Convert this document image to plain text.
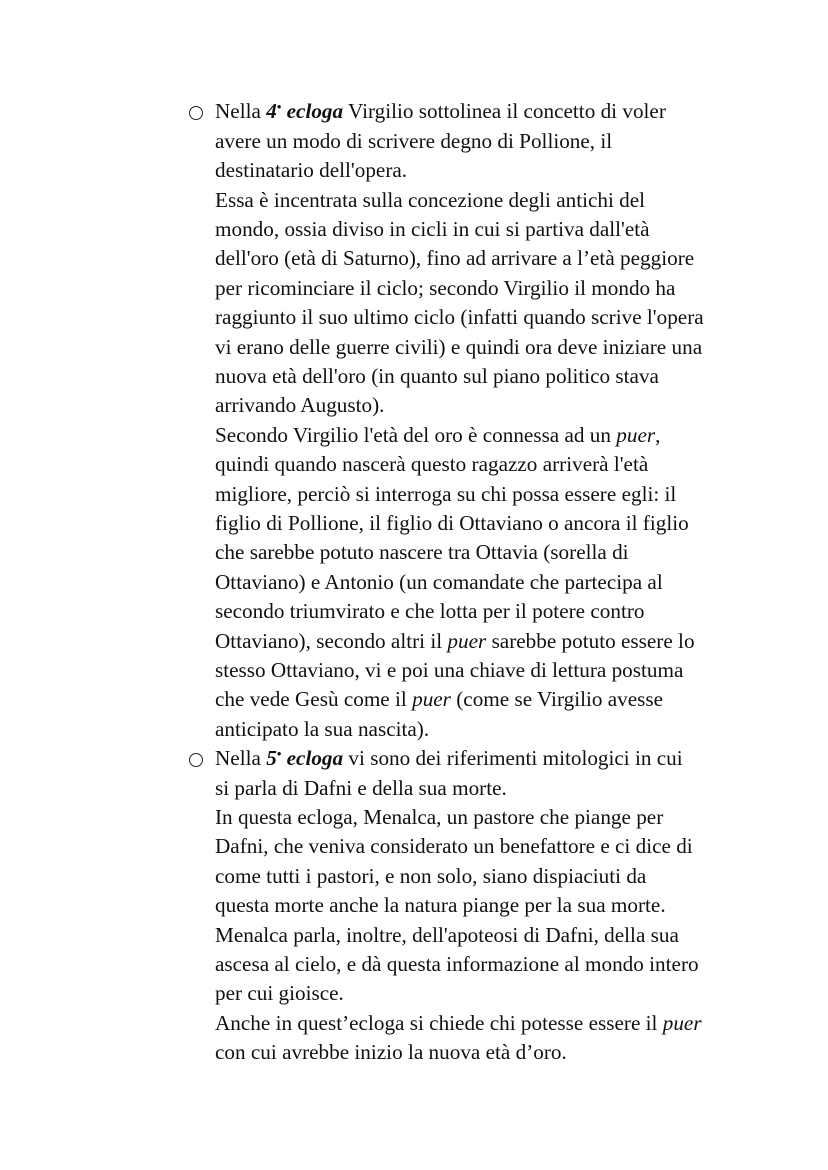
Nella 4• ecloga Virgilio sottolinea il concetto di voler
avere un modo di scrivere degno di Pollione, il
destinatario dell'opera.
Essa è incentrata sulla concezione degli antichi del
mondo, ossia diviso in cicli in cui si partiva dall'età
dell'oro (età di Saturno), fino ad arrivare a l’età peggiore
per ricominciare il ciclo; secondo Virgilio il mondo ha
raggiunto il suo ultimo ciclo (infatti quando scrive l'opera
vi erano delle guerre civili) e quindi ora deve iniziare una
nuova età dell'oro (in quanto sul piano politico stava
arrivando Augusto).
Secondo Virgilio l'età del oro è connessa ad un puer,
quindi quando nascerà questo ragazzo arriverà l'età
migliore, perciò si interroga su chi possa essere egli: il
figlio di Pollione, il figlio di Ottaviano o ancora il figlio
che sarebbe potuto nascere tra Ottavia (sorella di
Ottaviano) e Antonio (un comandate che partecipa al
secondo triumvirato e che lotta per il potere contro
Ottaviano), secondo altri il puer sarebbe potuto essere lo
stesso Ottaviano, vi e poi una chiave di lettura postuma
che vede Gesù come il puer (come se Virgilio avesse
anticipato la sua nascita).
Nella 5• ecloga vi sono dei riferimenti mitologici in cui
si parla di Dafni e della sua morte.
In questa ecloga, Menalca, un pastore che piange per
Dafni, che veniva considerato un benefattore e ci dice di
come tutti i pastori, e non solo, siano dispiaciuti da
questa morte anche la natura piange per la sua morte.
Menalca parla, inoltre, dell'apoteosi di Dafni, della sua
ascesa al cielo, e dà questa informazione al mondo intero
per cui gioisce.
Anche in quest’ecloga si chiede chi potesse essere il puer
con cui avrebbe inizio la nuova età d’oro.
